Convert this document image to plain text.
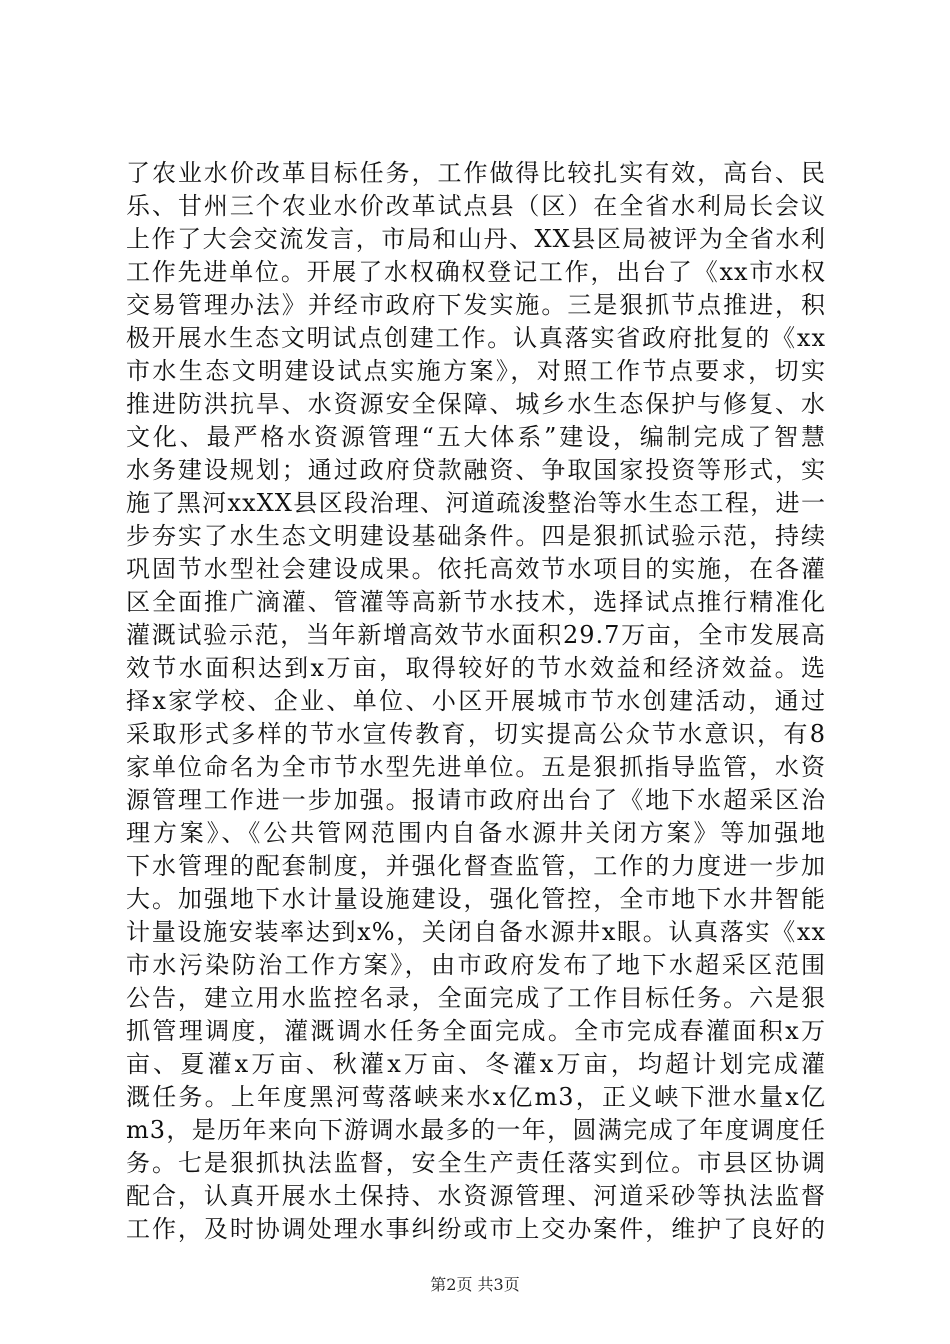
了农业水价改革目标任务，工作做得比较扎实有效，高台、民
乐、甘州三个农业水价改革试点县（区）在全省水利局长会议
上作了大会交流发言，市局和山丹、XX县区局被评为全省水利
工作先进单位。开展了水权确权登记工作，出台了《xx市水权
交易管理办法》并经市政府下发实施。三是狠抓节点推进，积
极开展水生态文明试点创建工作。认真落实省政府批复的《xx
市水生态文明建设试点实施方案》，对照工作节点要求，切实
推进防洪抗旱、水资源安全保障、城乡水生态保护与修复、水
文化、最严格水资源管理“五大体系”建设，编制完成了智慧
水务建设规划；通过政府贷款融资、争取国家投资等形式，实
施了黑河xxXX县区段治理、河道疏浚整治等水生态工程，进一
步夯实了水生态文明建设基础条件。四是狠抓试验示范，持续
巩固节水型社会建设成果。依托高效节水项目的实施，在各灌
区全面推广滴灌、管灌等高新节水技术，选择试点推行精准化
灌溉试验示范，当年新增高效节水面积29.7万亩，全市发展高
效节水面积达到x万亩，取得较好的节水效益和经济效益。选
择x家学校、企业、单位、小区开展城市节水创建活动，通过
采取形式多样的节水宣传教育，切实提高公众节水意识，有8
家单位命名为全市节水型先进单位。五是狠抓指导监管，水资
源管理工作进一步加强。报请市政府出台了《地下水超采区治
理方案》、《公共管网范围内自备水源井关闭方案》等加强地
下水管理的配套制度，并强化督查监管，工作的力度进一步加
大。加强地下水计量设施建设，强化管控，全市地下水井智能
计量设施安装率达到x%，关闭自备水源井x眼。认真落实《xx
市水污染防治工作方案》，由市政府发布了地下水超采区范围
公告，建立用水监控名录，全面完成了工作目标任务。六是狠
抓管理调度，灌溉调水任务全面完成。全市完成春灌面积x万
亩、夏灌x万亩、秋灌x万亩、冬灌x万亩，均超计划完成灌
溉任务。上年度黑河莺落峡来水x亿m3，正义峡下泄水量x亿
m3，是历年来向下游调水最多的一年，圆满完成了年度调度任
务。七是狠抓执法监督，安全生产责任落实到位。市县区协调
配合，认真开展水土保持、水资源管理、河道采砂等执法监督
工作，及时协调处理水事纠纷或市上交办案件，维护了良好的
第2页 共3页
